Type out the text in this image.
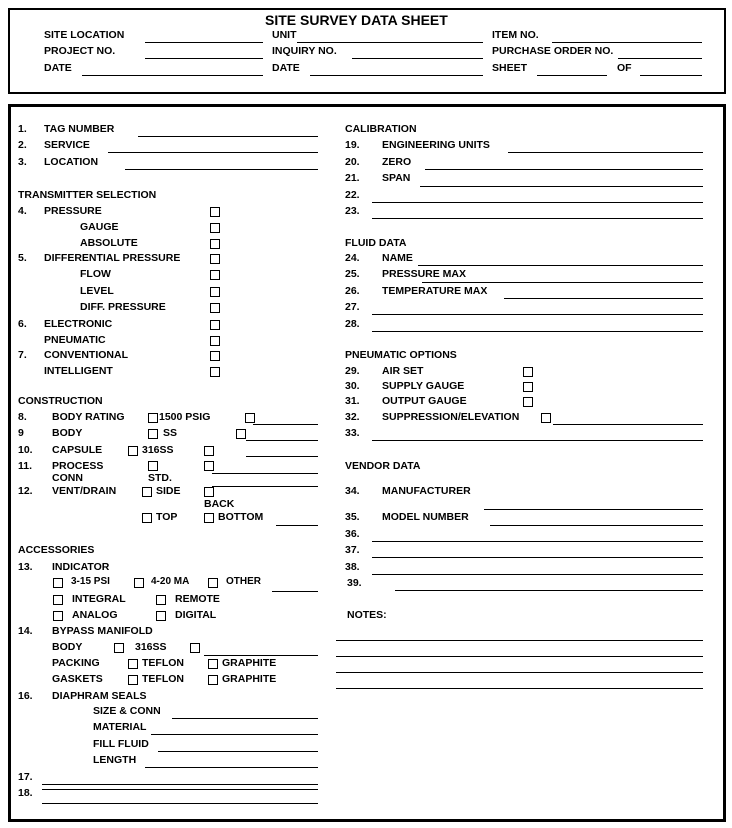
SITE SURVEY DATA SHEET
SITE LOCATION
PROJECT NO.
DATE
UNIT
INQUIRY NO.
DATE
ITEM NO.
PURCHASE ORDER NO.
SHEET	OF
1. TAG NUMBER
2. SERVICE
3. LOCATION
TRANSMITTER SELECTION
4. PRESSURE
GAUGE
ABSOLUTE
5. DIFFERENTIAL PRESSURE
FLOW
LEVEL
DIFF. PRESSURE
6. ELECTRONIC
PNEUMATIC
7. CONVENTIONAL
INTELLIGENT
CONSTRUCTION
8. BODY RATING	1500 PSIG
9	BODY	SS
10. CAPSULE	316SS
11. PROCESS
CONN	STD.
12. VENT/DRAIN	SIDE
BACK
TOP	BOTTOM
ACCESSORIES
13. INDICATOR
3-15 PSI	4-20 MA	OTHER
INTEGRAL	REMOTE
ANALOG	DIGITAL
14. BYPASS MANIFOLD
BODY	316SS
PACKING	TEFLON	GRAPHITE
GASKETS	TEFLON	GRAPHITE
16. DIAPHRAM SEALS
SIZE & CONN
MATERIAL
FILL FLUID
LENGTH
17.
18.
CALIBRATION
19. ENGINEERING UNITS
20. ZERO
21. SPAN
22.
23.
FLUID DATA
24. NAME
25. PRESSURE MAX
26. TEMPERATURE MAX
27.
28.
PNEUMATIC OPTIONS
29. AIR SET
30. SUPPLY GAUGE
31. OUTPUT GAUGE
32. SUPPRESSION/ELEVATION
33.
VENDOR DATA
34. MANUFACTURER
35. MODEL NUMBER
36.
37.
38.
39.
NOTES:
